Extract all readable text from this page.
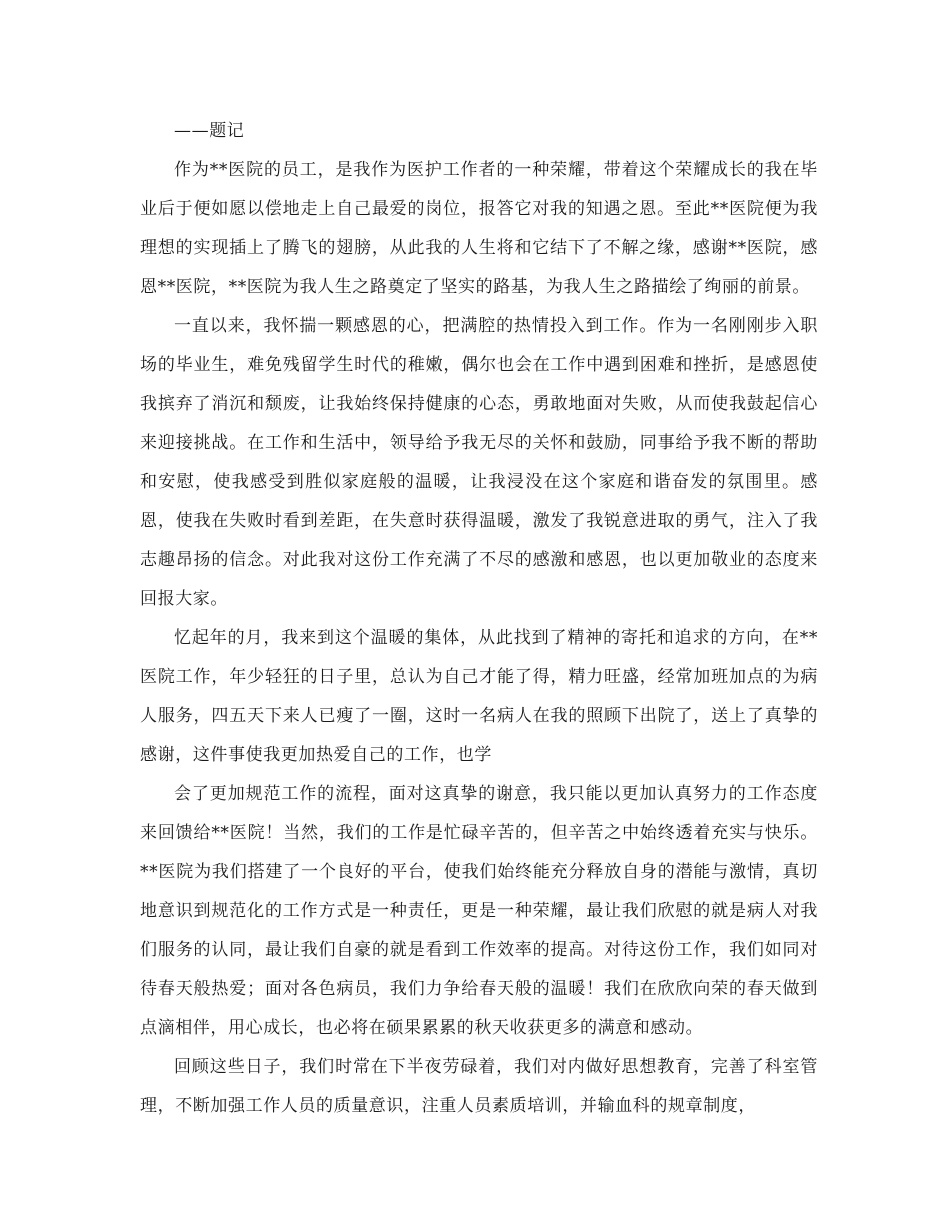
——题记

作为**医院的员工，是我作为医护工作者的一种荣耀，带着这个荣耀成长的我在毕业后于便如愿以偿地走上自己最爱的岗位，报答它对我的知遇之恩。至此**医院便为我理想的实现插上了腾飞的翅膀，从此我的人生将和它结下了不解之缘，感谢**医院，感恩**医院，**医院为我人生之路奠定了坚实的路基，为我人生之路描绘了绚丽的前景。

一直以来，我怀揣一颗感恩的心，把满腔的热情投入到工作。作为一名刚刚步入职场的毕业生，难免残留学生时代的稚嫩，偶尔也会在工作中遇到困难和挫折，是感恩使我摈弃了消沉和颓废，让我始终保持健康的心态，勇敢地面对失败，从而使我鼓起信心来迎接挑战。在工作和生活中，领导给予我无尽的关怀和鼓励，同事给予我不断的帮助和安慰，使我感受到胜似家庭般的温暖，让我浸没在这个家庭和谐奋发的氛围里。感恩，使我在失败时看到差距，在失意时获得温暖，激发了我锐意进取的勇气，注入了我志趣昂扬的信念。对此我对这份工作充满了不尽的感激和感恩，也以更加敬业的态度来回报大家。

忆起年的月，我来到这个温暖的集体，从此找到了精神的寄托和追求的方向，在**医院工作，年少轻狂的日子里，总认为自己才能了得，精力旺盛，经常加班加点的为病人服务，四五天下来人已瘦了一圈，这时一名病人在我的照顾下出院了，送上了真挚的感谢，这件事使我更加热爱自己的工作，也学

会了更加规范工作的流程，面对这真挚的谢意，我只能以更加认真努力的工作态度来回馈给**医院！当然，我们的工作是忙碌辛苦的，但辛苦之中始终透着充实与快乐。**医院为我们搭建了一个良好的平台，使我们始终能充分释放自身的潜能与激情，真切地意识到规范化的工作方式是一种责任，更是一种荣耀，最让我们欣慰的就是病人对我们服务的认同，最让我们自豪的就是看到工作效率的提高。对待这份工作，我们如同对待春天般热爱；面对各色病员，我们力争给春天般的温暖！我们在欣欣向荣的春天做到点滴相伴，用心成长，也必将在硕果累累的秋天收获更多的满意和感动。

回顾这些日子，我们时常在下半夜劳碌着，我们对内做好思想教育，完善了科室管理，不断加强工作人员的质量意识，注重人员素质培训，并输血科的规章制度，
